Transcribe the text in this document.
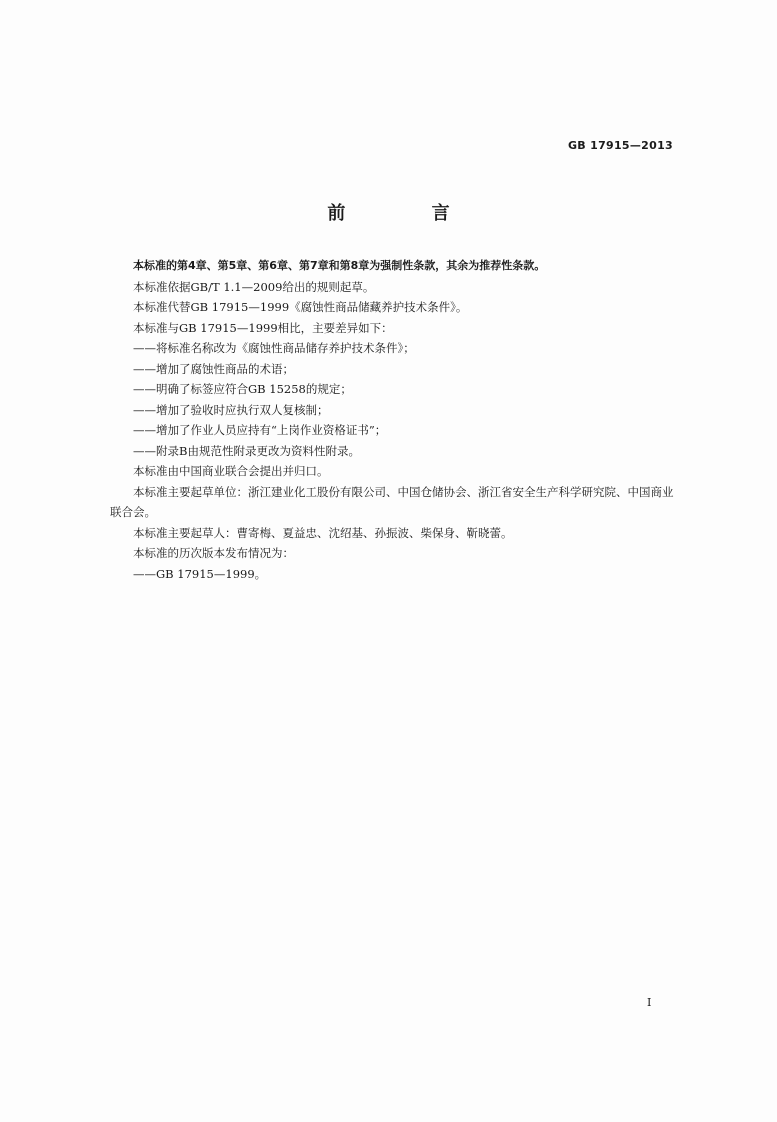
GB 17915—2013
前 言

本标准的第4章、第5章、第6章、第7章和第8章为强制性条款，其余为推荐性条款。

本标准依据GB/T 1.1—2009给出的规则起草。

本标准代替GB 17915—1999《腐蚀性商品储藏养护技术条件》。

本标准与GB 17915—1999相比，主要差异如下：

——将标准名称改为《腐蚀性商品储存养护技术条件》；

——增加了腐蚀性商品的术语；

——明确了标签应符合GB 15258的规定；

——增加了验收时应执行双人复核制；

——增加了作业人员应持有“上岗作业资格证书”；

——附录B由规范性附录更改为资料性附录。

本标准由中国商业联合会提出并归口。

本标准主要起草单位：浙江建业化工股份有限公司、中国仓储协会、浙江省安全生产科学研究院、中国商业联合会。

本标准主要起草人：曹寄梅、夏益忠、沈绍基、孙振波、柴保身、靳晓蕾。

本标准的历次版本发布情况为：

——GB 17915—1999。

I
